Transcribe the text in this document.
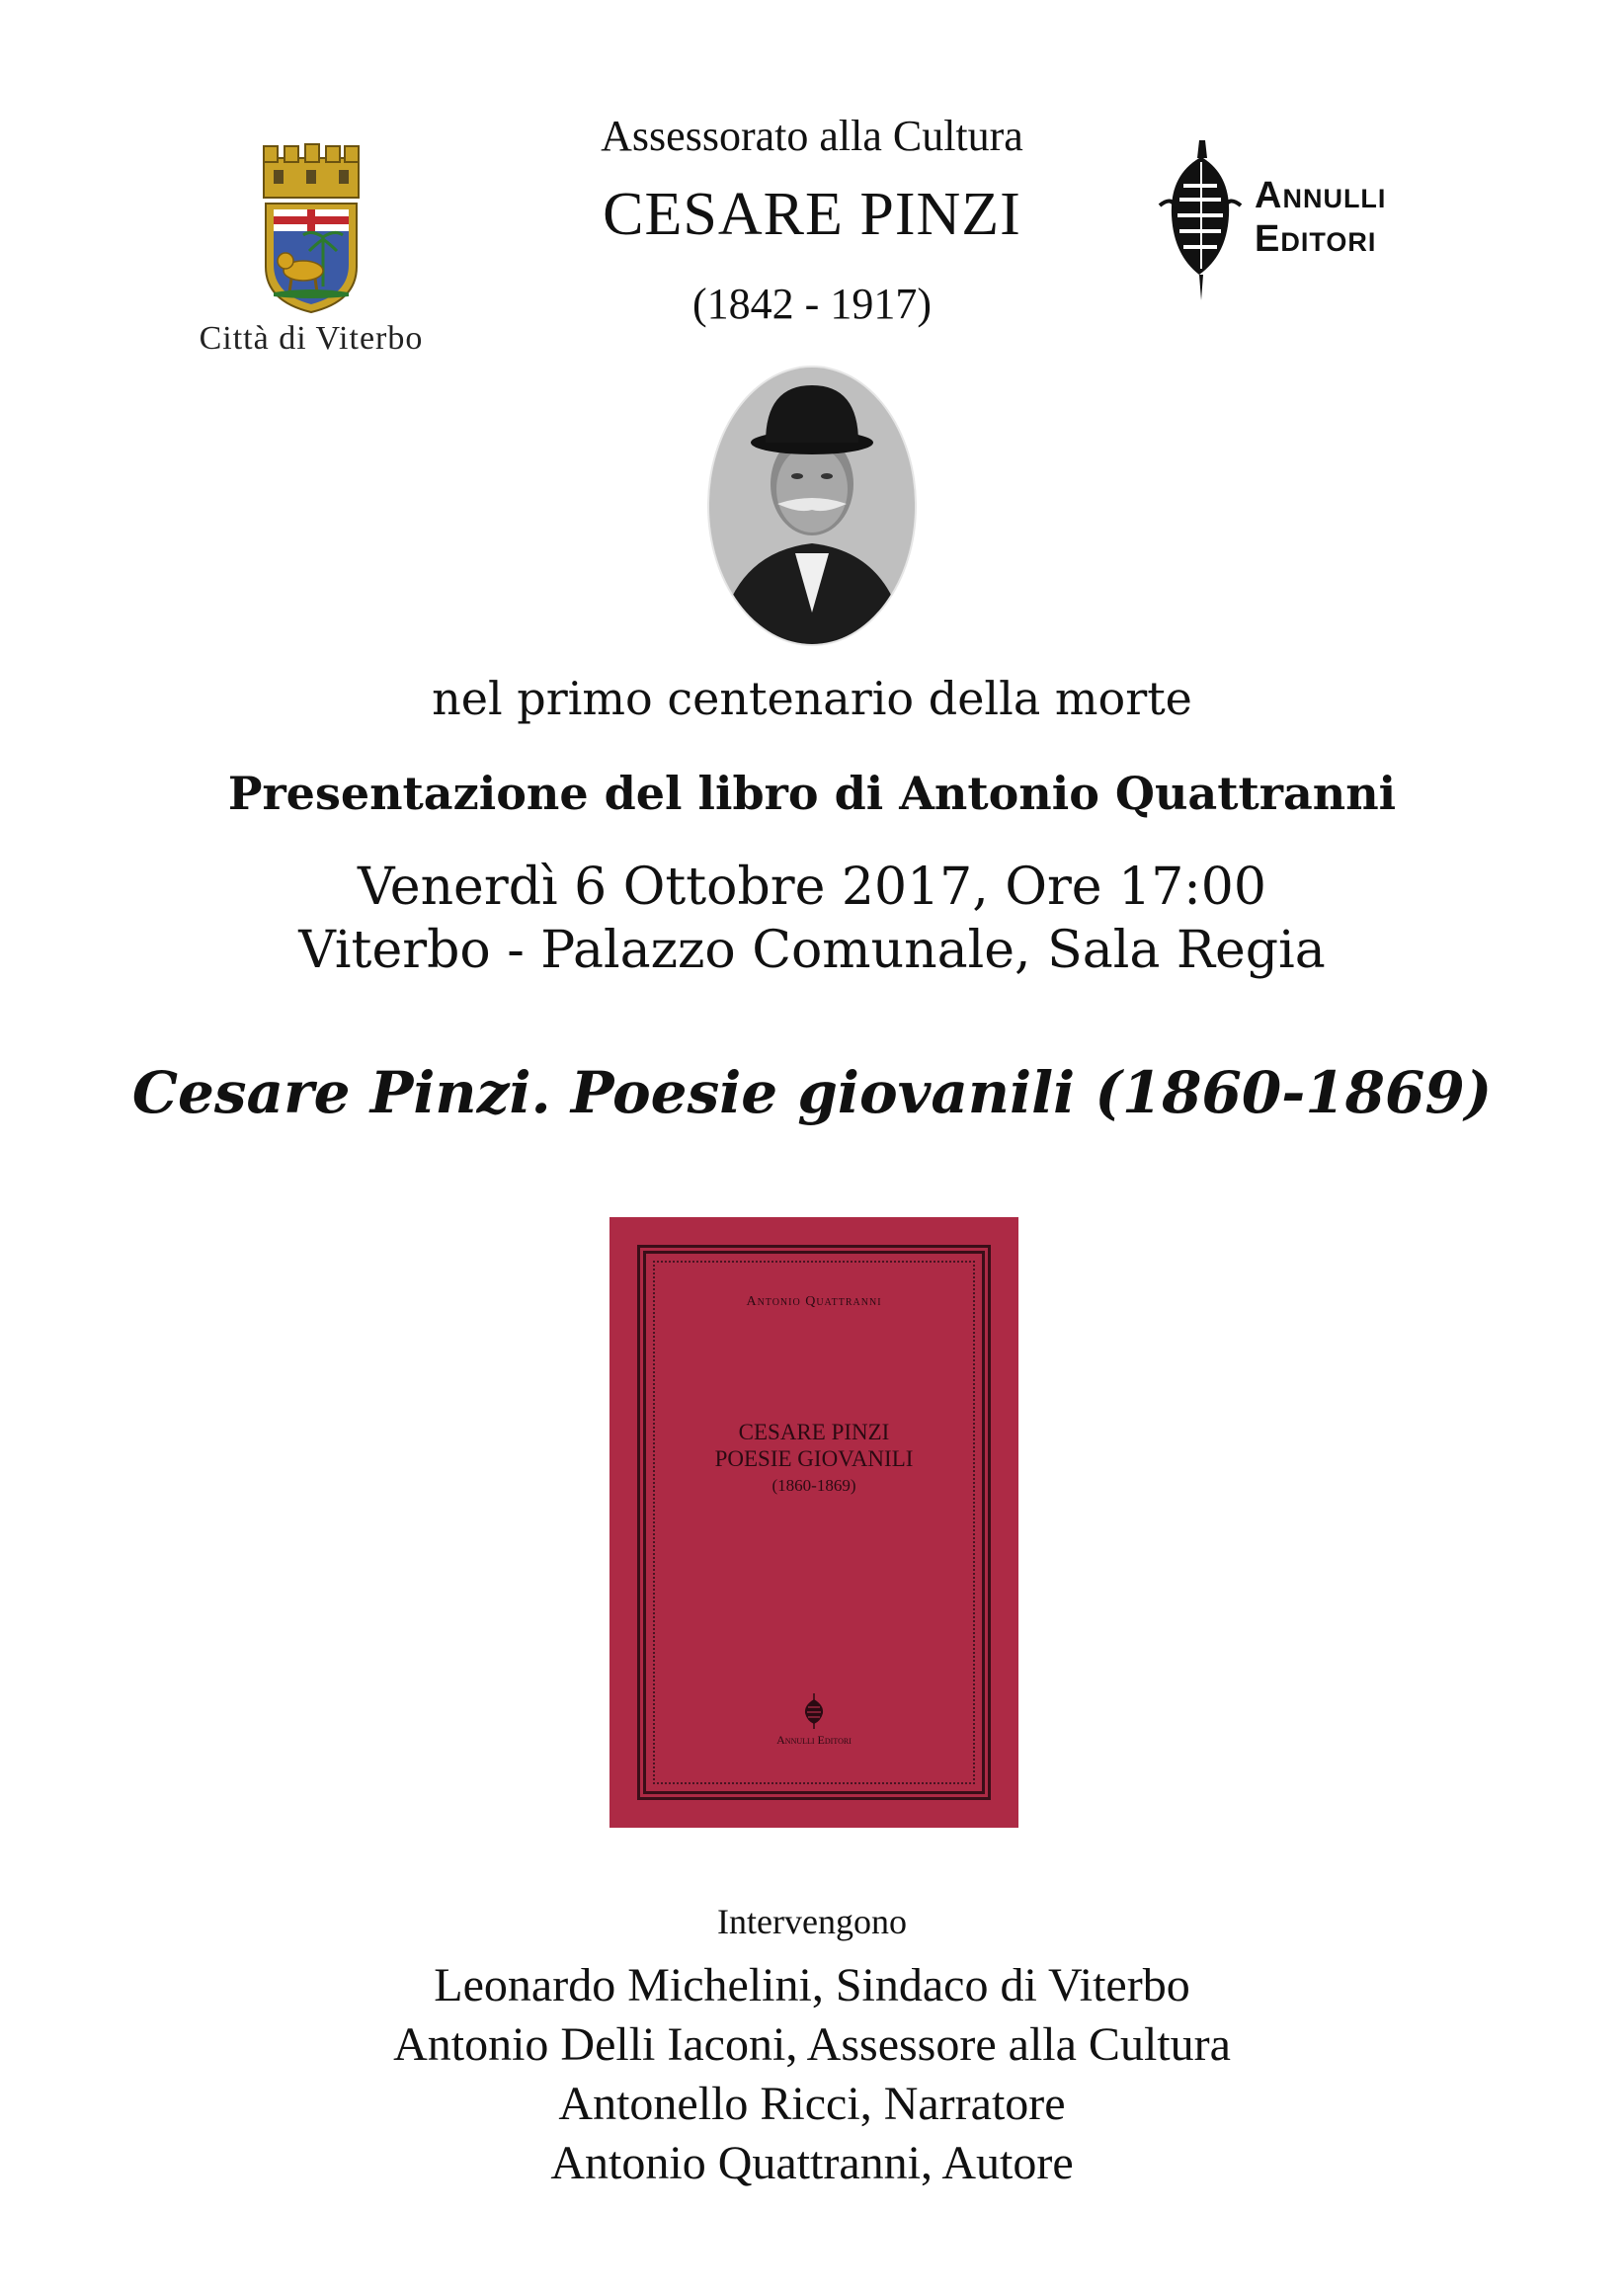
Città di Viterbo
Annulli
Editori
Assessorato alla Cultura
CESARE PINZI
(1842 - 1917)
nel primo centenario della morte
Presentazione del libro di Antonio Quattranni
Venerdì 6 Ottobre 2017, Ore 17:00
Viterbo - Palazzo Comunale, Sala Regia
Cesare Pinzi. Poesie giovanili (1860-1869)
Antonio Quattranni
CESARE PINZI
POESIE GIOVANILI
(1860-1869)
Annulli Editori
Intervengono
Leonardo Michelini, Sindaco di Viterbo
Antonio Delli Iaconi, Assessore alla Cultura
Antonello Ricci, Narratore
Antonio Quattranni, Autore
